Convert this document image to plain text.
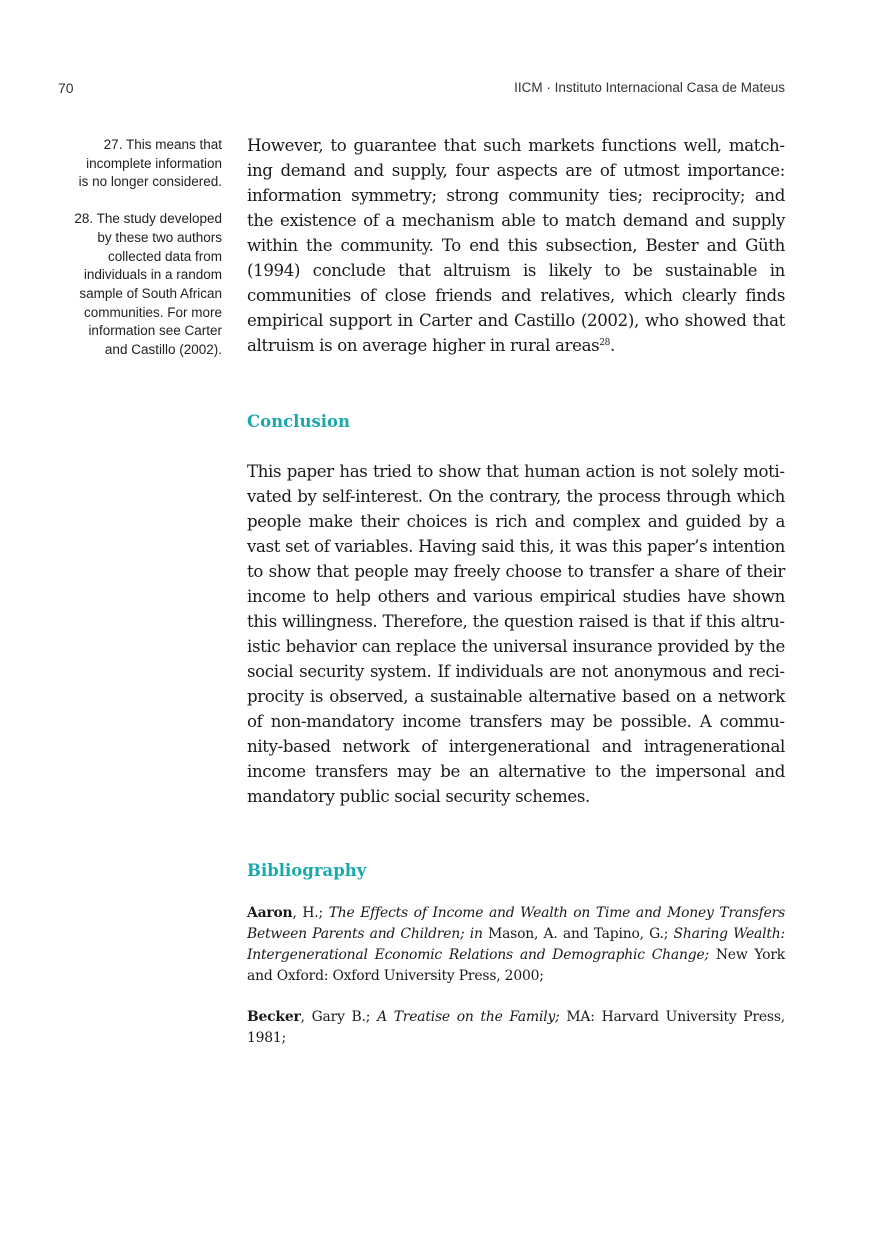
70	IICM · Instituto Internacional Casa de Mateus

27. This means that
incomplete information
is no longer considered.

28. The study developed
by these two authors
collected data from
individuals in a random
sample of South African
communities. For more
information see Carter
and Castillo (2002).

However, to guarantee that such markets functions well, matching demand and supply, four aspects are of utmost importance: information symmetry; strong community ties; reciprocity; and the existence of a mechanism able to match demand and supply within the community. To end this subsection, Bester and Güth (1994) conclude that altruism is likely to be sustainable in communities of close friends and relatives, which clearly finds empirical support in Carter and Castillo (2002), who showed that altruism is on average higher in rural areas$^{28}$.

Conclusion

This paper has tried to show that human action is not solely motivated by self-interest. On the contrary, the process through which people make their choices is rich and complex and guided by a vast set of variables. Having said this, it was this paper’s intention to show that people may freely choose to transfer a share of their income to help others and various empirical studies have shown this willingness. Therefore, the question raised is that if this altruistic behavior can replace the universal insurance provided by the social security system. If individuals are not anonymous and reciprocity is observed, a sustainable alternative based on a network of non-mandatory income transfers may be possible. A community-based network of intergenerational and intragenerational income transfers may be an alternative to the impersonal and mandatory public social security schemes.

Bibliography

Aaron, H.; The Effects of Income and Wealth on Time and Money Transfers Between Parents and Children; in Mason, A. and Tapino, G.; Sharing Wealth: Intergenerational Economic Relations and Demographic Change; New York and Oxford: Oxford University Press, 2000;

Becker, Gary B.; A Treatise on the Family; MA: Harvard University Press, 1981;
